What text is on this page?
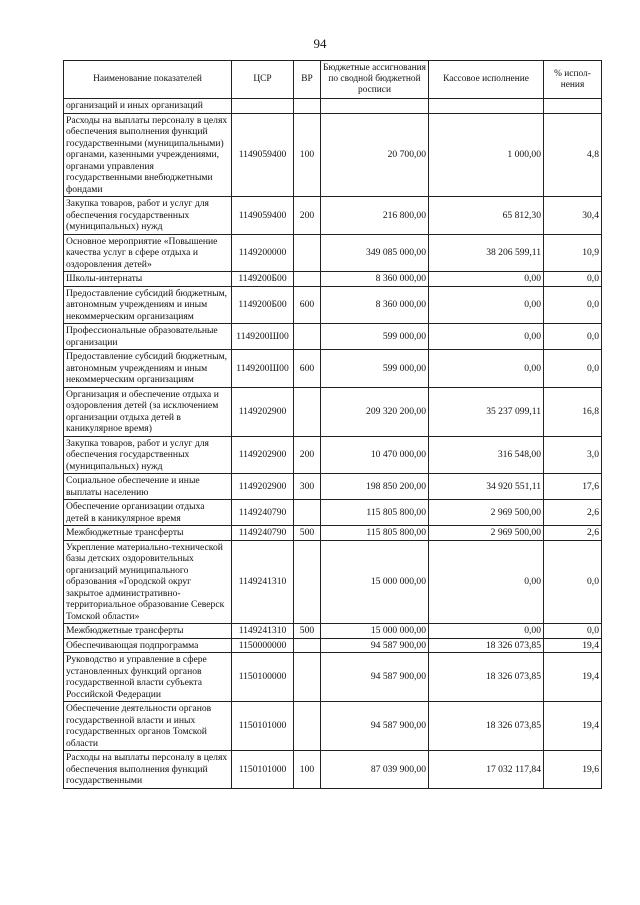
94
Наименование показателей	ЦСР	ВР	Бюджетные ассигнования по сводной бюджетной росписи	Кассовое исполнение	% испол-нения
организаций и иных организаций					
Расходы на выплаты персоналу в целях обеспечения выполнения функций государственными (муниципальными) органами, казенными учреждениями, органами управления государственными внебюджетными фондами	1149059400	100	20 700,00	1 000,00	4,8
Закупка товаров, работ и услуг для обеспечения государственных (муниципальных) нужд	1149059400	200	216 800,00	65 812,30	30,4
Основное мероприятие «Повышение качества услуг в сфере отдыха и оздоровления детей»	1149200000		349 085 000,00	38 206 599,11	10,9
Школы-интернаты	1149200Б00		8 360 000,00	0,00	0,0
Предоставление субсидий бюджетным, автономным учреждениям и иным некоммерческим организациям	1149200Б00	600	8 360 000,00	0,00	0,0
Профессиональные образовательные организации	1149200Ш00		599 000,00	0,00	0,0
Предоставление субсидий бюджетным, автономным учреждениям и иным некоммерческим организациям	1149200Ш00	600	599 000,00	0,00	0,0
Организация и обеспечение отдыха и оздоровления детей (за исключением организации отдыха детей в каникулярное время)	1149202900		209 320 200,00	35 237 099,11	16,8
Закупка товаров, работ и услуг для обеспечения государственных (муниципальных) нужд	1149202900	200	10 470 000,00	316 548,00	3,0
Социальное обеспечение и иные выплаты населению	1149202900	300	198 850 200,00	34 920 551,11	17,6
Обеспечение организации отдыха детей в каникулярное время	1149240790		115 805 800,00	2 969 500,00	2,6
Межбюджетные трансферты	1149240790	500	115 805 800,00	2 969 500,00	2,6
Укрепление материально-технической базы детских оздоровительных организаций муниципального образования «Городской округ закрытое административно-территориальное образование Северск Томской области»	1149241310		15 000 000,00	0,00	0,0
Межбюджетные трансферты	1149241310	500	15 000 000,00	0,00	0,0
Обеспечивающая подпрограмма	1150000000		94 587 900,00	18 326 073,85	19,4
Руководство и управление в сфере установленных функций органов государственной власти субъекта Российской Федерации	1150100000		94 587 900,00	18 326 073,85	19,4
Обеспечение деятельности органов государственной власти и иных государственных органов Томской области	1150101000		94 587 900,00	18 326 073,85	19,4
Расходы на выплаты персоналу в целях обеспечения выполнения функций государственными	1150101000	100	87 039 900,00	17 032 117,84	19,6
